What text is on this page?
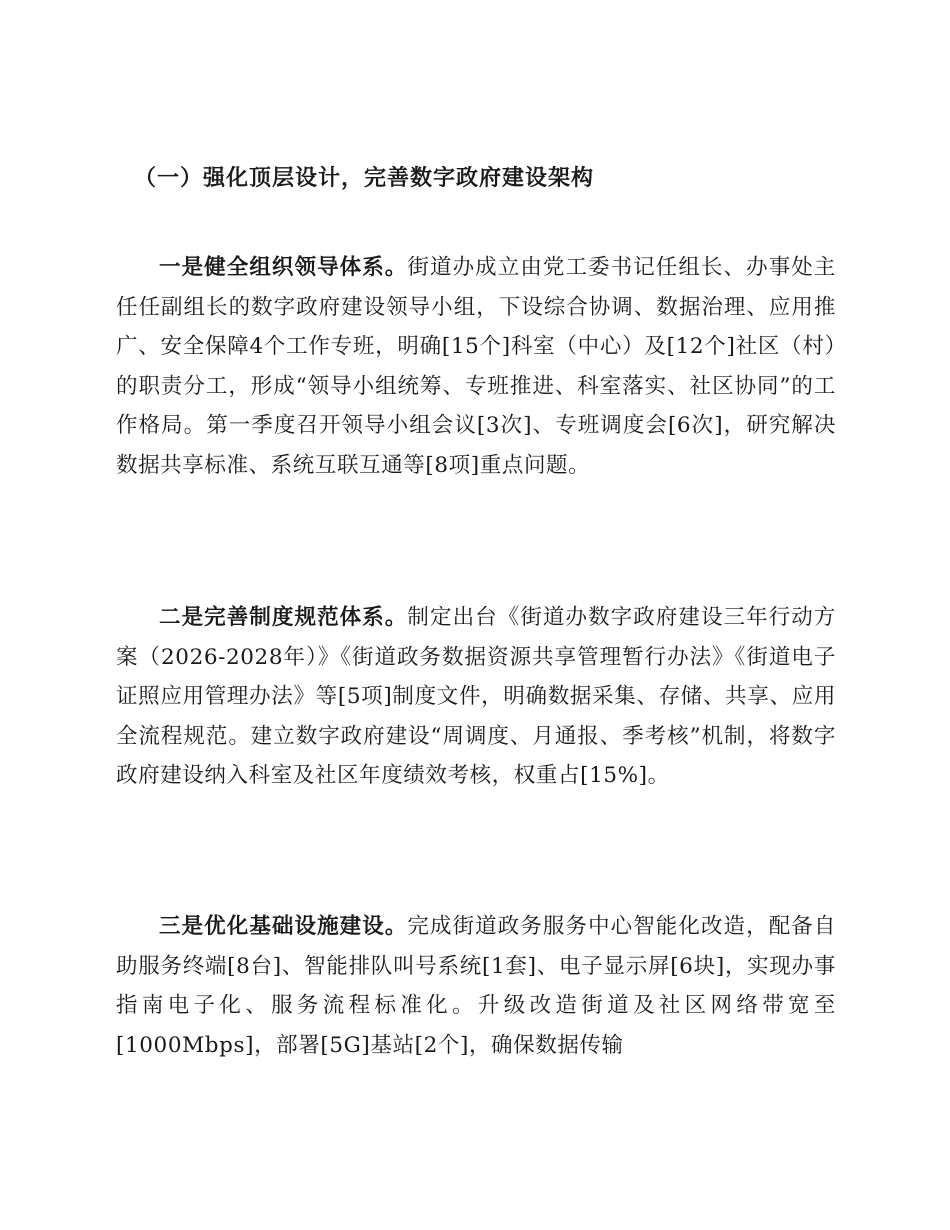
（一）强化顶层设计，完善数字政府建设架构

一是健全组织领导体系。街道办成立由党工委书记任组长、办事处主任任副组长的数字政府建设领导小组，下设综合协调、数据治理、应用推广、安全保障4个工作专班，明确[15个]科室（中心）及[12个]社区（村）的职责分工，形成“领导小组统筹、专班推进、科室落实、社区协同”的工作格局。第一季度召开领导小组会议[3次]、专班调度会[6次]，研究解决数据共享标准、系统互联互通等[8项]重点问题。

二是完善制度规范体系。制定出台《街道办数字政府建设三年行动方案（2026-2028年）》《街道政务数据资源共享管理暂行办法》《街道电子证照应用管理办法》等[5项]制度文件，明确数据采集、存储、共享、应用全流程规范。建立数字政府建设“周调度、月通报、季考核”机制，将数字政府建设纳入科室及社区年度绩效考核，权重占[15%]。

三是优化基础设施建设。完成街道政务服务中心智能化改造，配备自助服务终端[8台]、智能排队叫号系统[1套]、电子显示屏[6块]，实现办事指南电子化、服务流程标准化。升级改造街道及社区网络带宽至[1000Mbps]，部署[5G]基站[2个]，确保数据传输
